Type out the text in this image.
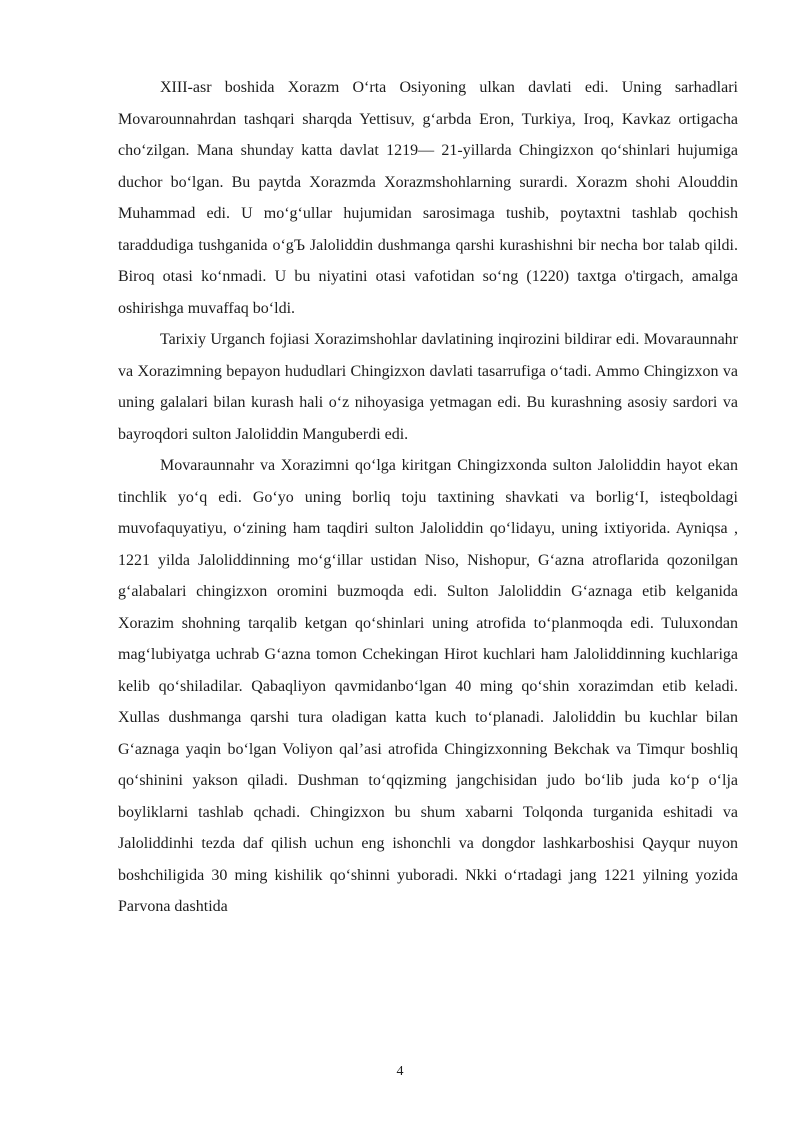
XIII-asr boshida Xorazm O‘rta Osiyoning ulkan davlati edi. Uning sarhadlari Movarounnahrdan tashqari sharqda Yettisuv, g‘arbda Eron, Turkiya, Iroq, Kavkaz ortigacha cho‘zilgan. Mana shunday katta davlat 1219— 21-yillarda Chingizxon qo‘shinlari hujumiga duchor bo‘lgan. Bu paytda Xorazmda Xorazmshohlarning surardi. Xorazm shohi Alouddin Muhammad edi. U mo‘g‘ullar hujumidan sarosimaga tushib, poytaxtni tashlab qochish taraddudiga tushganida o‘gЪ Jaloliddin dushmanga qarshi kurashishni bir necha bor talab qildi. Biroq otasi ko‘nmadi. U bu niyatini otasi vafotidan so‘ng (1220) taxtga o'tirgach, amalga oshirishga muvaffaq bo‘ldi.

Tarixiy Urganch fojiasi Xorazimshohlar davlatining inqirozini bildirar edi. Movaraunnahr va Xorazimning bepayon hududlari Chingizxon davlati tasarrufiga o‘tadi. Ammo Chingizxon va uning galalari bilan kurash hali o‘z nihoyasiga yetmagan edi. Bu kurashning asosiy sardori va bayroqdori sulton Jaloliddin Manguberdi edi.

Movaraunnahr va Xorazimni qo‘lga kiritgan Chingizxonda sulton Jaloliddin hayot ekan tinchlik yo‘q edi. Go‘yo uning borliq toju taxtining shavkati va borlig‘I, isteqboldagi muvofaquyatiyu, o‘zining ham taqdiri sulton Jaloliddin qo‘lidayu, uning ixtiyorida. Ayniqsa , 1221 yilda Jaloliddinning mo‘g‘illar ustidan Niso, Nishopur, G‘azna atroflarida qozonilgan g‘alabalari chingizxon oromini buzmoqda edi. Sulton Jaloliddin G‘aznaga etib kelganida Xorazim shohning tarqalib ketgan qo‘shinlari uning atrofida to‘planmoqda edi. Tuluxondan mag‘lubiyatga uchrab G‘azna tomon Cchekingan Hirot kuchlari ham Jaloliddinning kuchlariga kelib qo‘shiladilar. Qabaqliyon qavmidanbo‘lgan 40 ming qo‘shin xorazimdan etib keladi. Xullas dushmanga qarshi tura oladigan katta kuch to‘planadi. Jaloliddin bu kuchlar bilan G‘aznaga yaqin bo‘lgan Voliyon qal’asi atrofida Chingizxonning Bekchak va Timqur boshliq qo‘shinini yakson qiladi. Dushman to‘qqizming jangchisidan judo bo‘lib juda ko‘p o‘lja boyliklarni tashlab qchadi. Chingizxon bu shum xabarni Tolqonda turganida eshitadi va Jaloliddinhi tezda daf qilish uchun eng ishonchli va dongdor lashkarboshisi Qayqur nuyon boshchiligida 30 ming kishilik qo‘shinni yuboradi. Nkki o‘rtadagi jang 1221 yilning yozida Parvona dashtida

4
